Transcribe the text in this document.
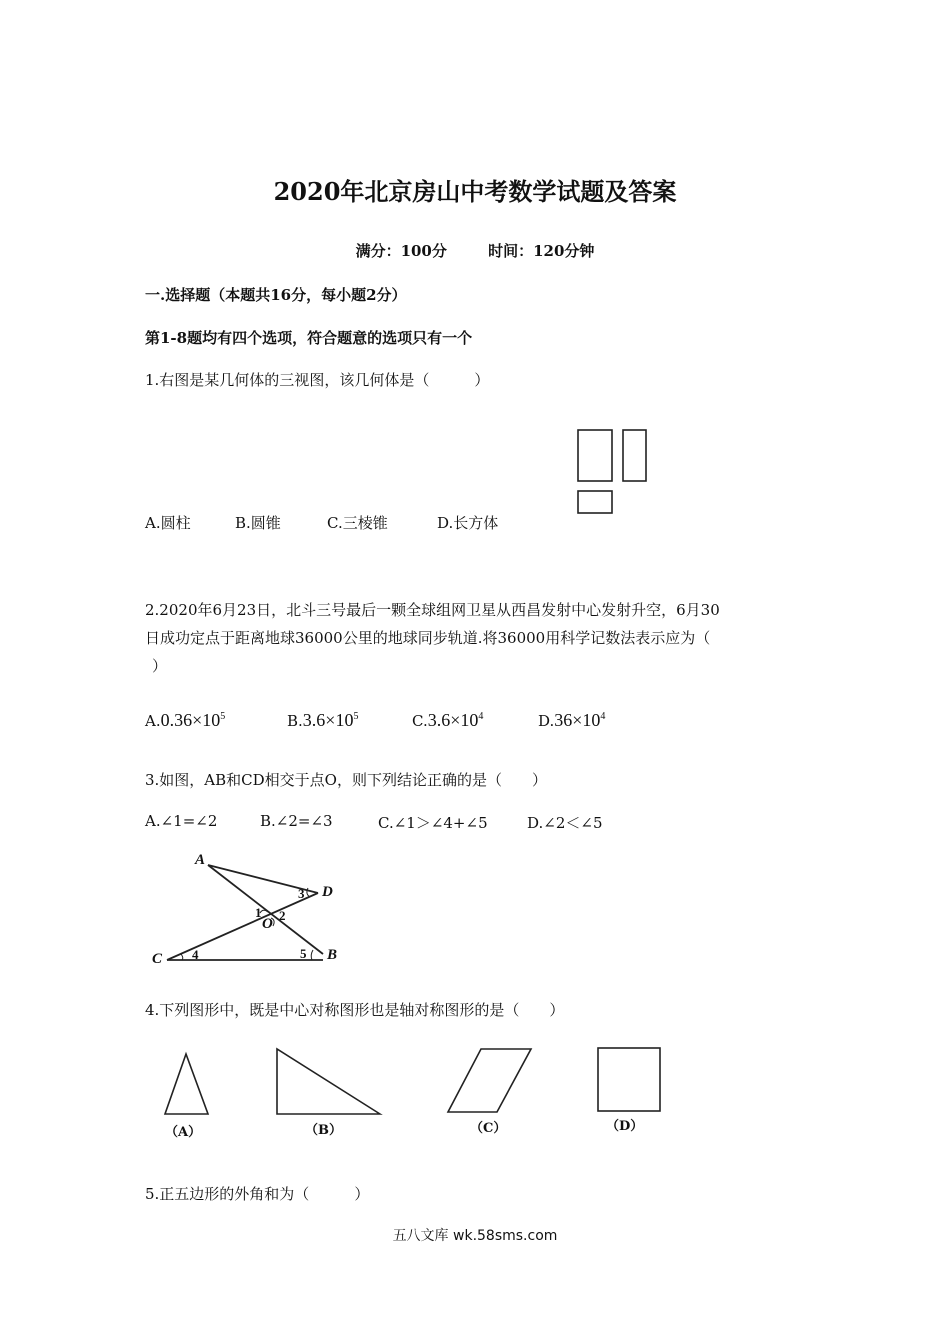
2020年北京房山中考数学试题及答案
满分：100分	时间：120分钟
一.选择题（本题共16分，每小题2分）
第1-8题均有四个选项，符合题意的选项只有一个
1.右图是某几何体的三视图，该几何体是（　　　）
A.圆柱	B.圆锥	C.三棱锥	D.长方体
2.2020年6月23日，北斗三号最后一颗全球组网卫星从西昌发射中心发射升空，6月30
日成功定点于距离地球36000公里的地球同步轨道.将36000用科学记数法表示应为（
）
$A.0.36\times 10^5$	$B.3.6\times 10^5$	$C.3.6\times 10^4$	$D.36\times 10^4$
3.如图，AB和CD相交于点O，则下列结论正确的是（　　）
A.∠1=∠2	B.∠2=∠3	C.∠1＞∠4+∠5	D.∠2＜∠5
A
B
C
D
O
1 2
3
4	5
4.下列图形中，既是中心对称图形也是轴对称图形的是（　　）
（A）	（B）	（C）	（D）
5.正五边形的外角和为（　　　）
五八文库 wk.58sms.com
